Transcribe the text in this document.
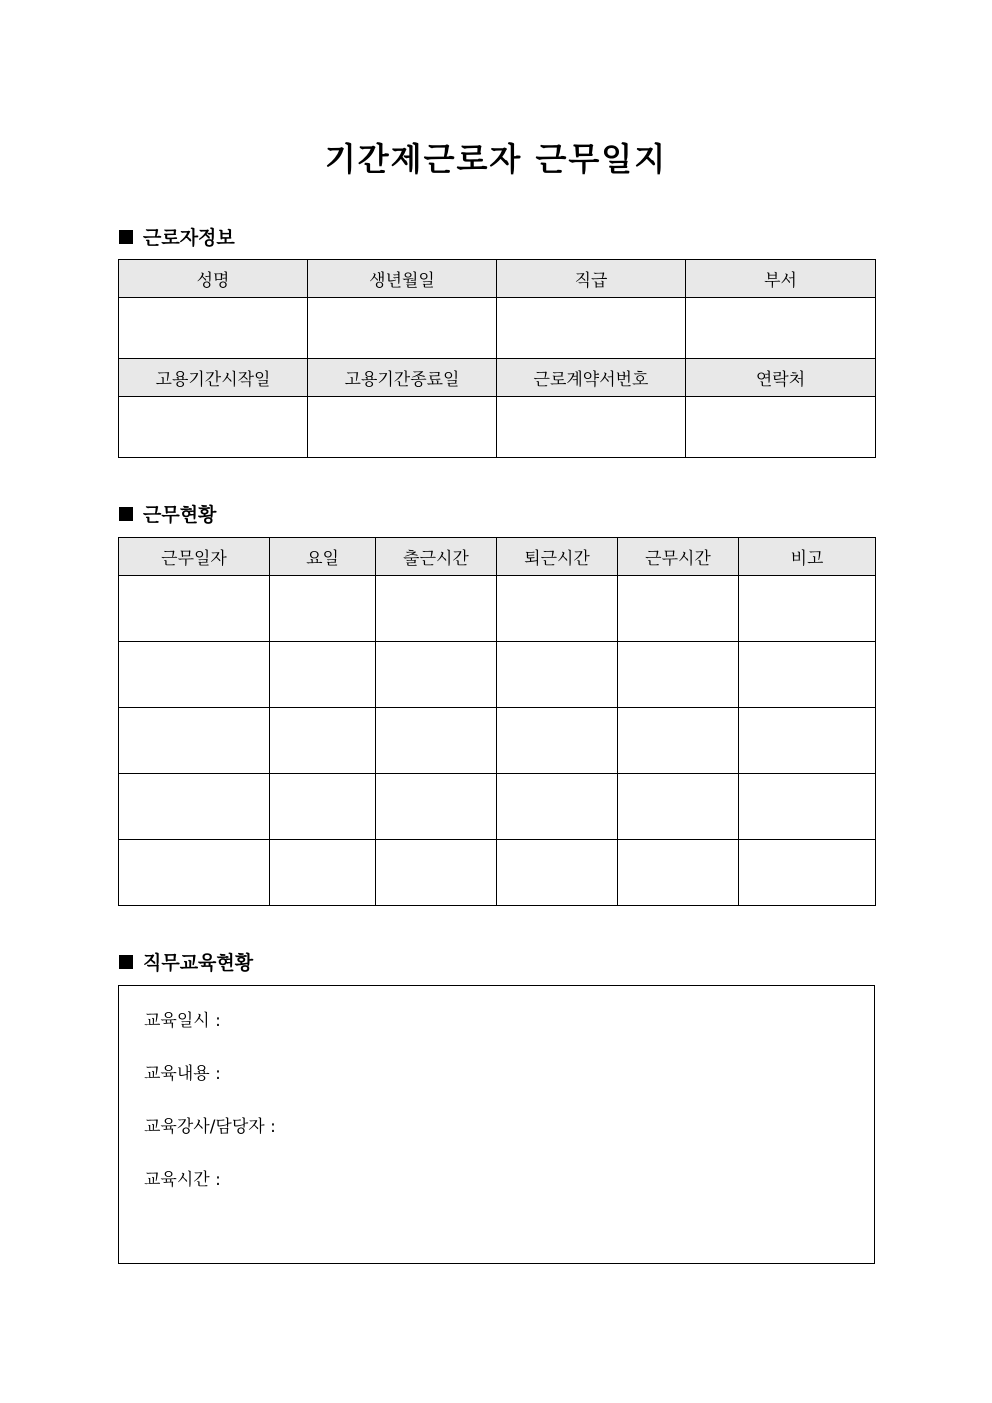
기간제근로자 근무일지
근로자정보
성명	생년월일	직급	부서

고용기간시작일	고용기간종료일	근로계약서번호	연락처

근무현황
근무일자	요일	출근시간	퇴근시간	근무시간	비고

직무교육현황
교육일시 :
교육내용 :
교육강사/담당자 :
교육시간 :
